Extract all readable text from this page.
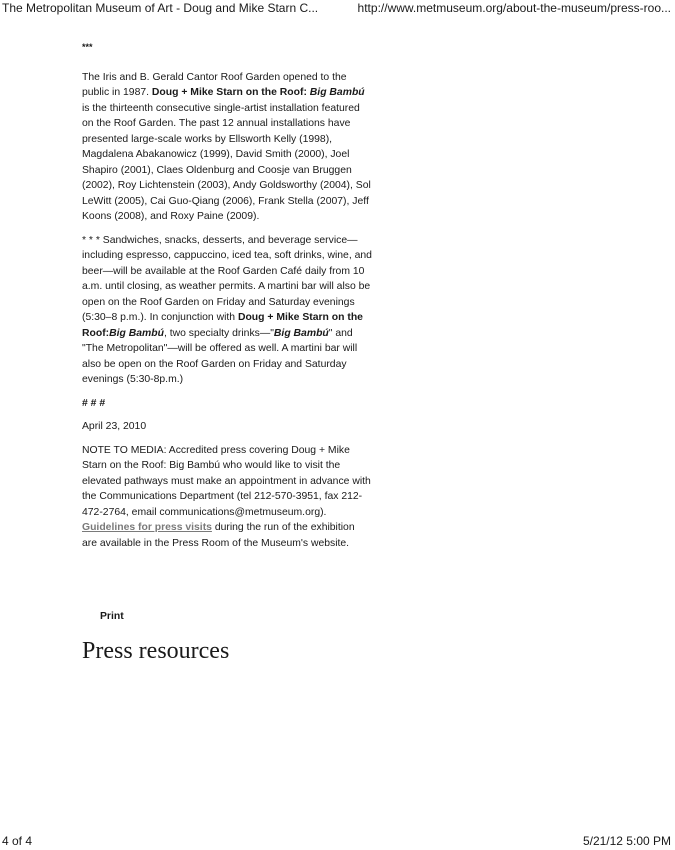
The Metropolitan Museum of Art - Doug and Mike Starn C...	http://www.metmuseum.org/about-the-museum/press-roo...

***

The Iris and B. Gerald Cantor Roof Garden opened to the public in 1987. Doug + Mike Starn on the Roof: Big Bambú is the thirteenth consecutive single-artist installation featured on the Roof Garden. The past 12 annual installations have presented large-scale works by Ellsworth Kelly (1998), Magdalena Abakanowicz (1999), David Smith (2000), Joel Shapiro (2001), Claes Oldenburg and Coosje van Bruggen (2002), Roy Lichtenstein (2003), Andy Goldsworthy (2004), Sol LeWitt (2005), Cai Guo-Qiang (2006), Frank Stella (2007), Jeff Koons (2008), and Roxy Paine (2009).

* * * Sandwiches, snacks, desserts, and beverage service—including espresso, cappuccino, iced tea, soft drinks, wine, and beer—will be available at the Roof Garden Café daily from 10 a.m. until closing, as weather permits. A martini bar will also be open on the Roof Garden on Friday and Saturday evenings (5:30–8 p.m.). In conjunction with Doug + Mike Starn on the Roof:Big Bambú, two specialty drinks—"Big Bambú" and "The Metropolitan"—will be offered as well. A martini bar will also be open on the Roof Garden on Friday and Saturday evenings (5:30-8p.m.)

# # #

April 23, 2010

NOTE TO MEDIA: Accredited press covering Doug + Mike Starn on the Roof: Big Bambú who would like to visit the elevated pathways must make an appointment in advance with the Communications Department (tel 212-570-3951, fax 212-472-2764, email communications@metmuseum.org). Guidelines for press visits during the run of the exhibition are available in the Press Room of the Museum's website.

Print
Press resources
4 of 4	5/21/12 5:00 PM
